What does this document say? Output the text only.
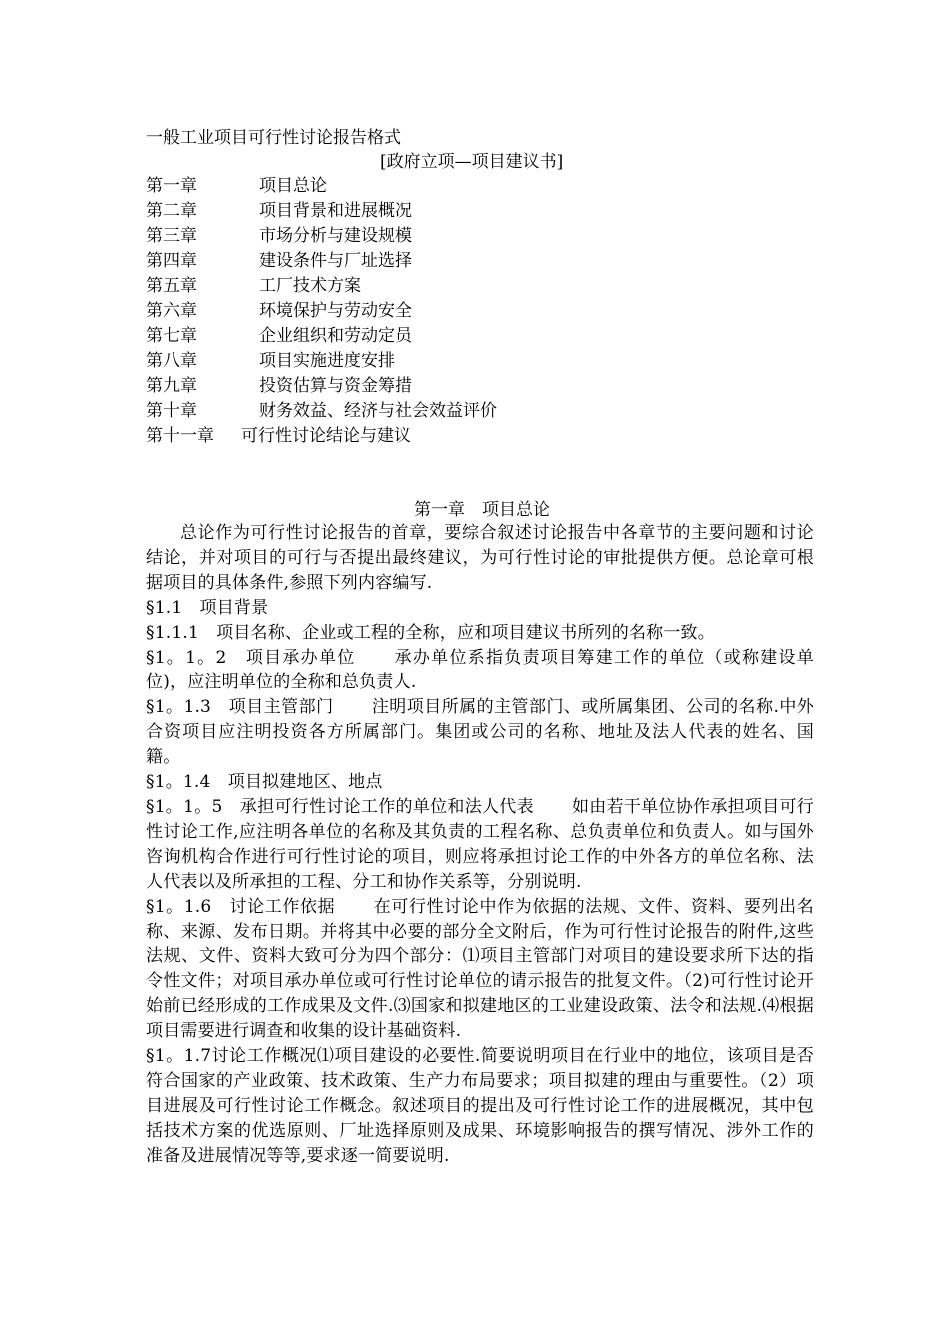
一般工业项目可行性讨论报告格式
[政府立项—项目建议书]
第一章	项目总论
第二章	项目背景和进展概况
第三章	市场分析与建设规模
第四章	建设条件与厂址选择
第五章	工厂技术方案
第六章	环境保护与劳动安全
第七章	企业组织和劳动定员
第八章	项目实施进度安排
第九章	投资估算与资金筹措
第十章	财务效益、经济与社会效益评价
第十一章 可行性讨论结论与建议
第一章　项目总论

总论作为可行性讨论报告的首章，要综合叙述讨论报告中各章节的主要问题和讨论结论，并对项目的可行与否提出最终建议，为可行性讨论的审批提供方便。总论章可根据项目的具体条件,参照下列内容编写.

§1.1　项目背景

§1.1.1　项目名称、企业或工程的全称，应和项目建议书所列的名称一致。

§1。1。2　项目承办单位 承办单位系指负责项目筹建工作的单位（或称建设单位)，应注明单位的全称和总负责人.

§1。1.3　项目主管部门 注明项目所属的主管部门、或所属集团、公司的名称.中外合资项目应注明投资各方所属部门。集团或公司的名称、地址及法人代表的姓名、国籍。

§1。1.4　项目拟建地区、地点

§1。1。5　承担可行性讨论工作的单位和法人代表 如由若干单位协作承担项目可行性讨论工作,应注明各单位的名称及其负责的工程名称、总负责单位和负责人。如与国外咨询机构合作进行可行性讨论的项目，则应将承担讨论工作的中外各方的单位名称、法人代表以及所承担的工程、分工和协作关系等，分别说明.

§1。1.6　讨论工作依据 在可行性讨论中作为依据的法规、文件、资料、要列出名称、来源、发布日期。并将其中必要的部分全文附后，作为可行性讨论报告的附件,这些法规、文件、资料大致可分为四个部分：⑴项目主管部门对项目的建设要求所下达的指令性文件；对项目承办单位或可行性讨论单位的请示报告的批复文件。（2)可行性讨论开始前已经形成的工作成果及文件.⑶国家和拟建地区的工业建设政策、法令和法规.⑷根据项目需要进行调查和收集的设计基础资料.

§1。1.7讨论工作概况⑴项目建设的必要性.简要说明项目在行业中的地位，该项目是否符合国家的产业政策、技术政策、生产力布局要求；项目拟建的理由与重要性。（2）项目进展及可行性讨论工作概念。叙述项目的提出及可行性讨论工作的进展概况，其中包括技术方案的优选原则、厂址选择原则及成果、环境影响报告的撰写情况、涉外工作的准备及进展情况等等,要求逐一简要说明.
